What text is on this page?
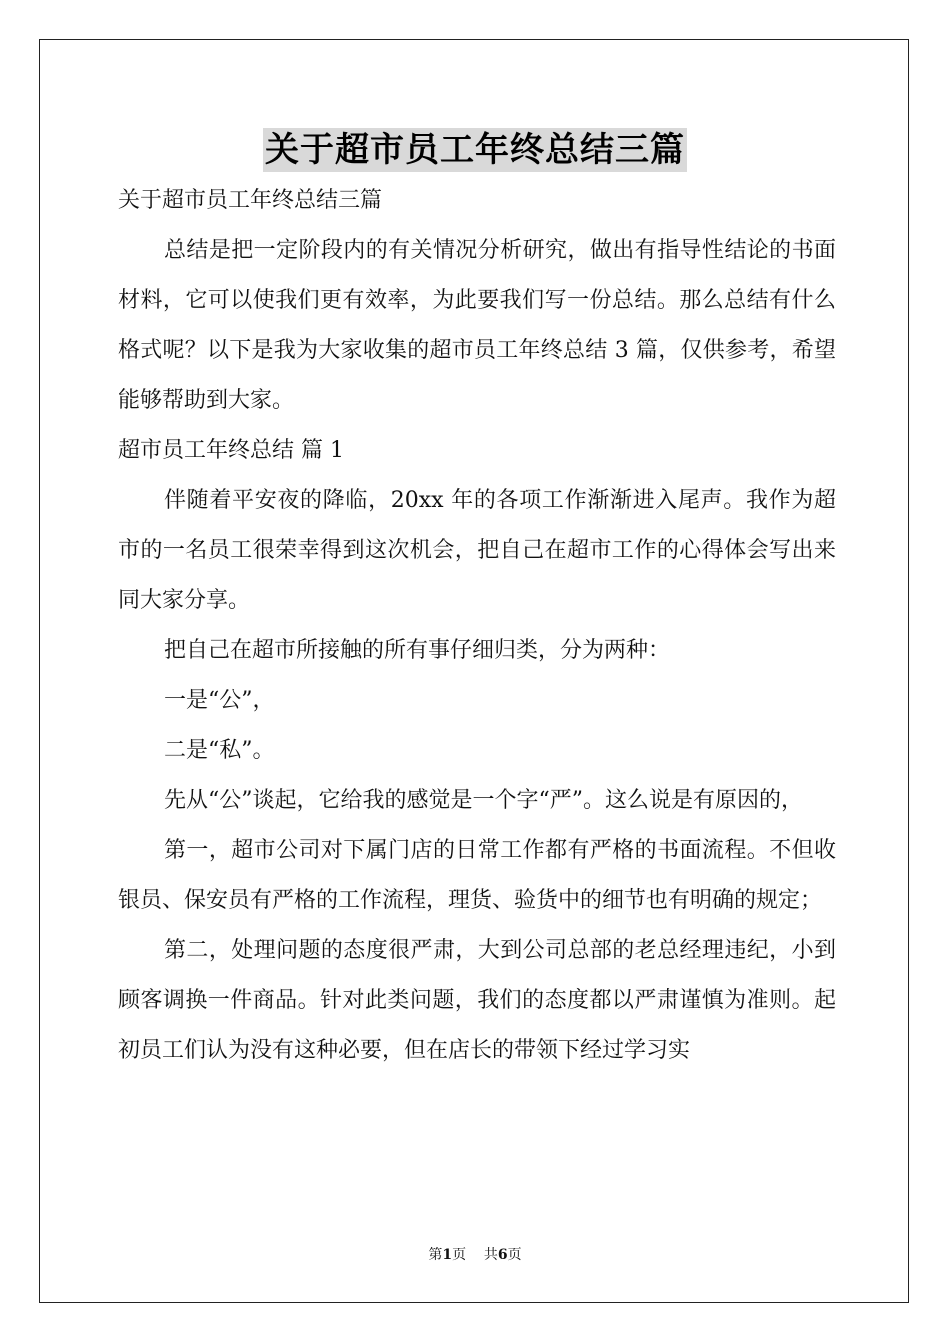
关于超市员工年终总结三篇

关于超市员工年终总结三篇

总结是把一定阶段内的有关情况分析研究，做出有指导性结论的书面材料，它可以使我们更有效率，为此要我们写一份总结。那么总结有什么格式呢？以下是我为大家收集的超市员工年终总结 3 篇，仅供参考，希望能够帮助到大家。

超市员工年终总结 篇 1

伴随着平安夜的降临，20xx 年的各项工作渐渐进入尾声。我作为超市的一名员工很荣幸得到这次机会，把自己在超市工作的心得体会写出来同大家分享。

把自己在超市所接触的所有事仔细归类，分为两种：

一是“公”，

二是“私”。

先从“公”谈起，它给我的感觉是一个字“严”。这么说是有原因的，

第一，超市公司对下属门店的日常工作都有严格的书面流程。不但收银员、保安员有严格的工作流程，理货、验货中的细节也有明确的规定；

第二，处理问题的态度很严肃，大到公司总部的老总经理违纪，小到顾客调换一件商品。针对此类问题，我们的态度都以严肃谨慎为准则。起初员工们认为没有这种必要，但在店长的带领下经过学习实

第1页 共6页
